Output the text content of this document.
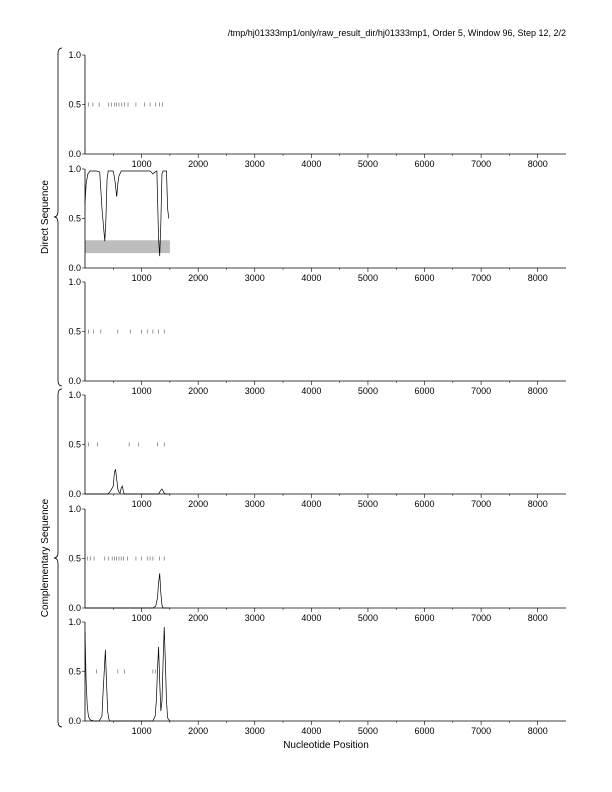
/tmp/hj01333mp1/only/raw_result_dir/hj01333mp1, Order 5, Window 96, Step 12, 2/2
0.0
0.5
1.0
1000	2000	3000	4000	5000	6000	7000	8000
0.0
0.5
1.0
1000	2000	3000	4000	5000	6000	7000	8000
0.0
0.5
1.0
1000	2000	3000	4000	5000	6000	7000	8000
0.0
0.5
1.0
1000	2000	3000	4000	5000	6000	7000	8000
0.0
0.5
1.0
1000	2000	3000	4000	5000	6000	7000	8000
0.0
0.5
1.0
1000	2000	3000	4000	5000	6000	7000	8000
Direct Sequence
Complementary Sequence
Nucleotide Position
